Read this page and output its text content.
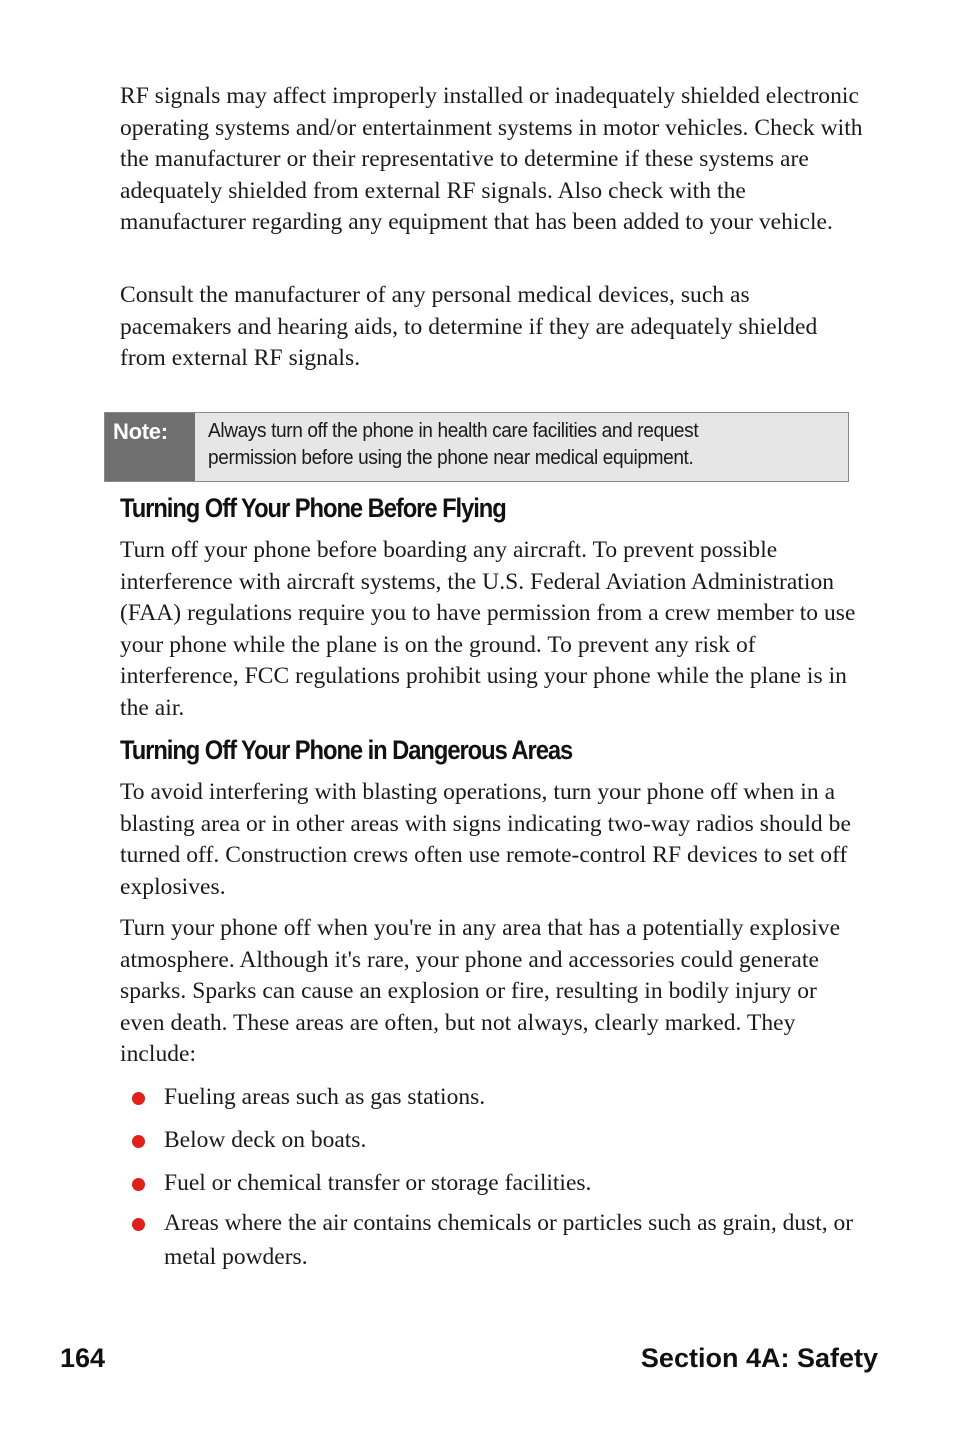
RF signals may affect improperly installed or inadequately shielded electronic operating systems and/or entertainment systems in motor vehicles. Check with the manufacturer or their representative to determine if these systems are adequately shielded from external RF signals. Also check with the manufacturer regarding any equipment that has been added to your vehicle.

Consult the manufacturer of any personal medical devices, such as pacemakers and hearing aids, to determine if they are adequately shielded from external RF signals.

Note:	Always turn off the phone in health care facilities and request
permission before using the phone near medical equipment.
Turning Off Your Phone Before Flying

Turn off your phone before boarding any aircraft. To prevent possible interference with aircraft systems, the U.S. Federal Aviation Administration (FAA) regulations require you to have permission from a crew member to use your phone while the plane is on the ground. To prevent any risk of interference, FCC regulations prohibit using your phone while the plane is in the air.

Turning Off Your Phone in Dangerous Areas

To avoid interfering with blasting operations, turn your phone off when in a blasting area or in other areas with signs indicating two-way radios should be turned off. Construction crews often use remote-control RF devices to set off explosives.

Turn your phone off when you're in any area that has a potentially explosive atmosphere. Although it's rare, your phone and accessories could generate sparks. Sparks can cause an explosion or fire, resulting in bodily injury or even death. These areas are often, but not always, clearly marked. They include:

Fueling areas such as gas stations.
Below deck on boats.
Fuel or chemical transfer or storage facilities.
Areas where the air contains chemicals or particles such as grain, dust, or metal powders.
164	Section 4A: Safety
